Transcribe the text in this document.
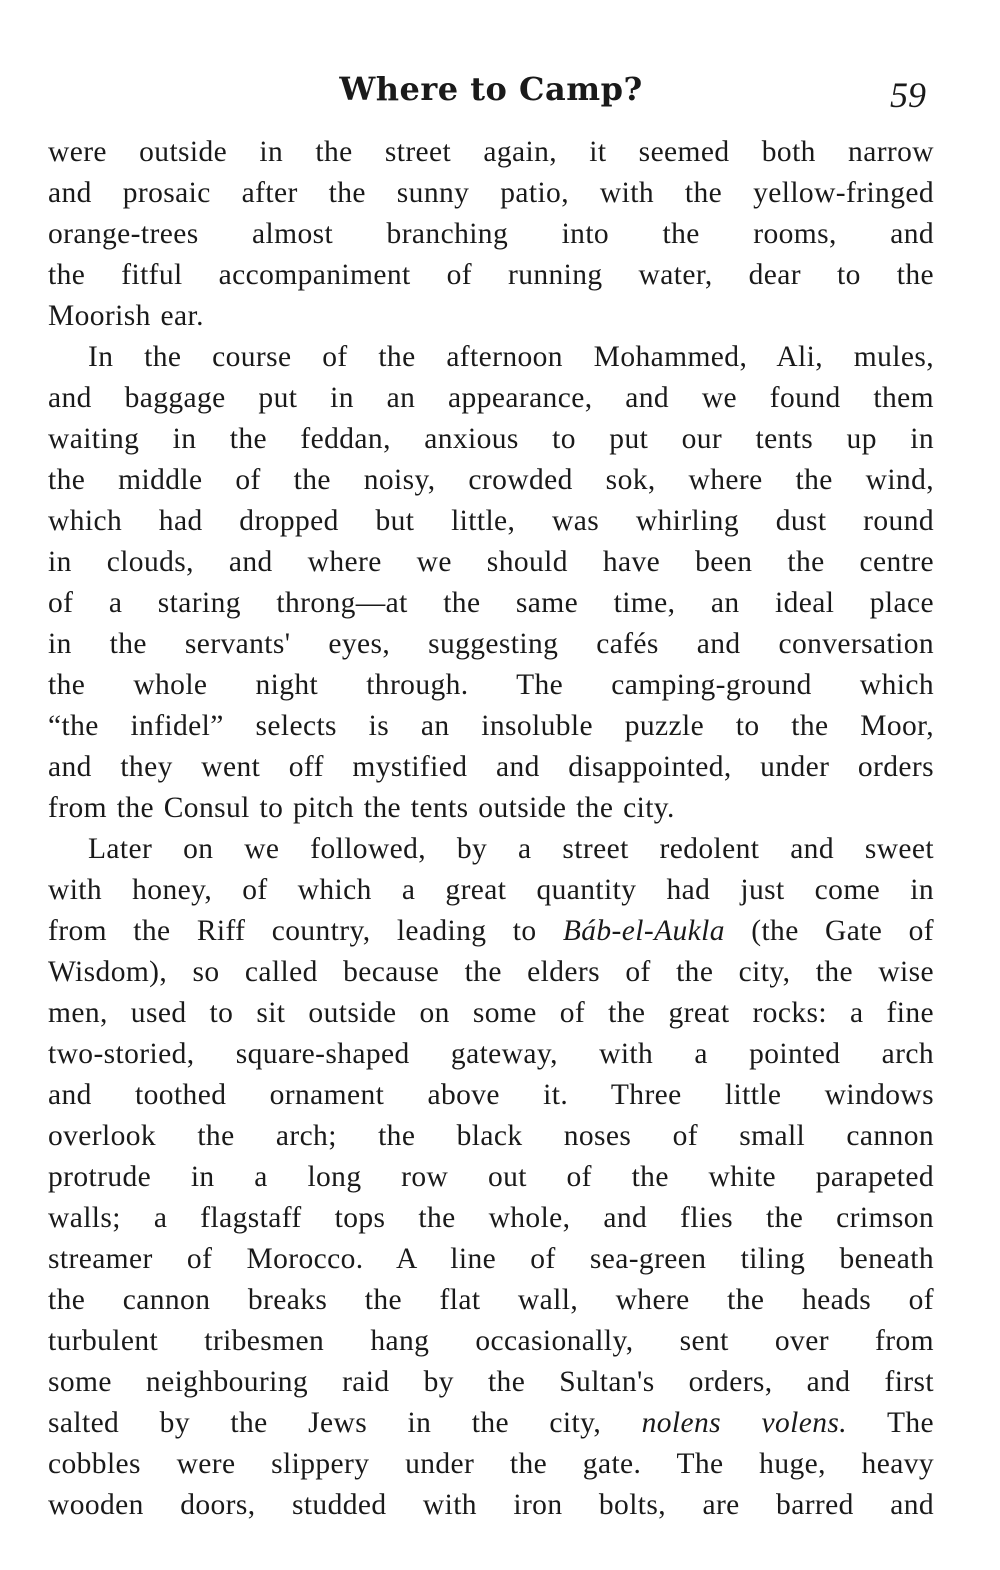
Where to Camp?	59

were outside in the street again, it seemed both narrow
and prosaic after the sunny patio, with the yellow-fringed
orange-trees almost branching into the rooms, and
the fitful accompaniment of running water, dear to the
Moorish ear.

In the course of the afternoon Mohammed, Ali, mules,
and baggage put in an appearance, and we found them
waiting in the feddan, anxious to put our tents up in
the middle of the noisy, crowded sok, where the wind,
which had dropped but little, was whirling dust round
in clouds, and where we should have been the centre
of a staring throng—at the same time, an ideal place
in the servants' eyes, suggesting cafés and conversation
the whole night through. The camping-ground which
“the infidel” selects is an insoluble puzzle to the Moor,
and they went off mystified and disappointed, under orders
from the Consul to pitch the tents outside the city.

Later on we followed, by a street redolent and sweet
with honey, of which a great quantity had just come in
from the Riff country, leading to Báb-el-Aukla (the Gate of
Wisdom), so called because the elders of the city, the wise
men, used to sit outside on some of the great rocks: a fine
two-storied, square-shaped gateway, with a pointed arch
and toothed ornament above it. Three little windows
overlook the arch; the black noses of small cannon
protrude in a long row out of the white parapeted
walls; a flagstaff tops the whole, and flies the crimson
streamer of Morocco. A line of sea-green tiling beneath
the cannon breaks the flat wall, where the heads of
turbulent tribesmen hang occasionally, sent over from
some neighbouring raid by the Sultan's orders, and first
salted by the Jews in the city, nolens volens. The
cobbles were slippery under the gate. The huge, heavy
wooden doors, studded with iron bolts, are barred and
